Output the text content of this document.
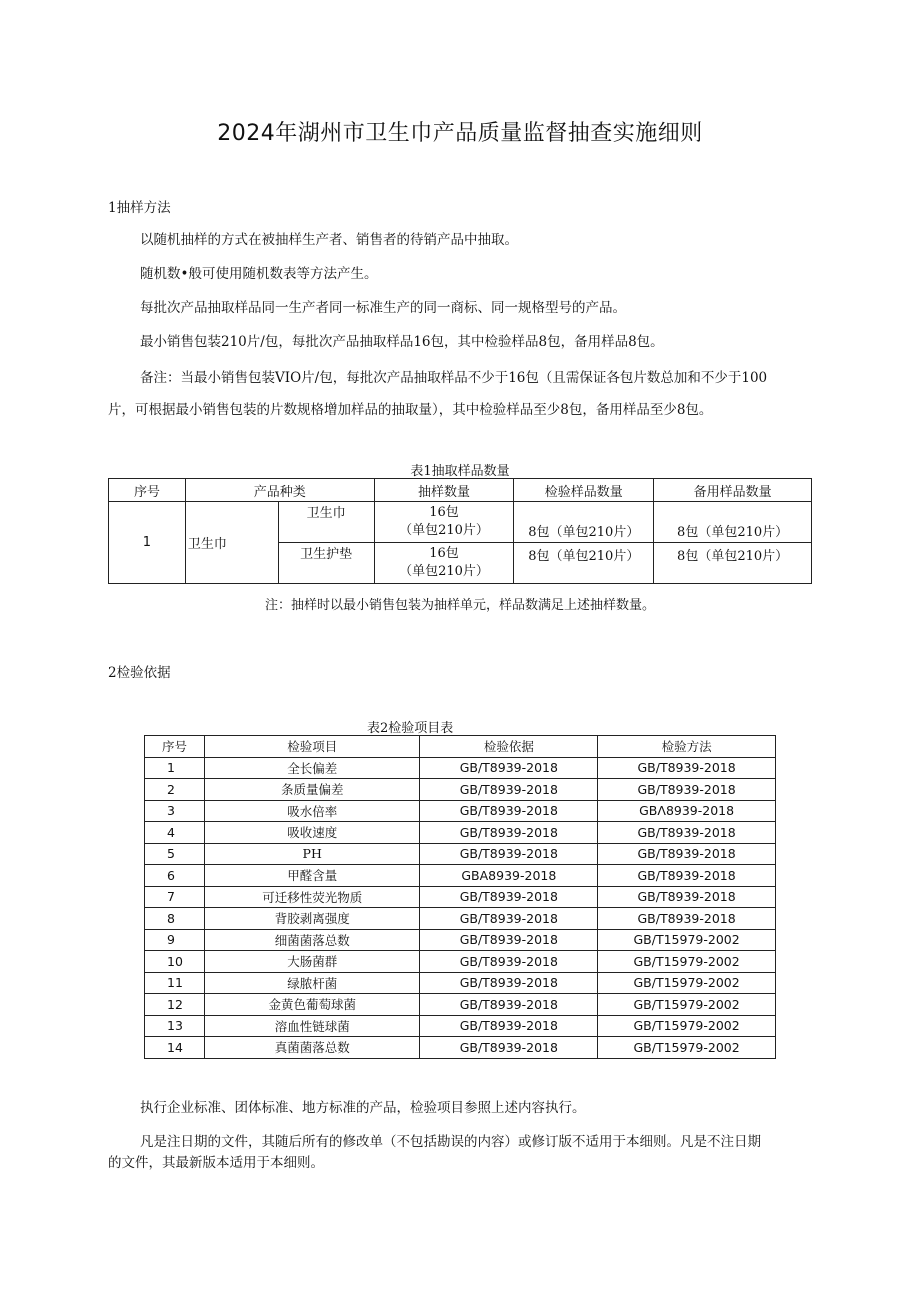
2024年湖州市卫生巾产品质量监督抽查实施细则
1抽样方法
以随机抽样的方式在被抽样生产者、销售者的待销产品中抽取。
随机数•般可使用随机数表等方法产生。
每批次产品抽取样品同一生产者同一标准生产的同一商标、同一规格型号的产品。
最小销售包装210片/包，每批次产品抽取样品16包，其中检验样品8包，备用样品8包。
备注：当最小销售包装VIO片/包，每批次产品抽取样品不少于16包（且需保证各包片数总加和不少于100
片，可根据最小销售包装的片数规格增加样品的抽取量），其中检验样品至少8包，备用样品至少8包。
表1抽取样品数量
序号	产品种类		抽样数量	检验样品数量	备用样品数量
1	卫生巾	卫生巾	16包
（单包210片）	8包（单包210片）	8包（单包210片）
		卫生护垫	16包
（单包210片）	8包（单包210片）	8包（单包210片）
注：抽样时以最小销售包装为抽样单元，样品数满足上述抽样数量。
2检验依据
表2检验项目表
序号	检验项目	检验依据	检验方法
1	全长偏差	GB/T8939-2018	GB/T8939-2018
2	条质量偏差	GB/T8939-2018	GB/T8939-2018
3	吸水倍率	GB/T8939-2018	GBΛ8939-2018
4	吸收速度	GB/T8939-2018	GB/T8939-2018
5	PH	GB/T8939-2018	GB/T8939-2018
6	甲醛含量	GBA8939-2018	GB/T8939-2018
7	可迁移性荧光物质	GB/T8939-2018	GB/T8939-2018
8	背胶剥离强度	GB/T8939-2018	GB/T8939-2018
9	细菌菌落总数	GB/T8939-2018	GB/T15979-2002
10	大肠菌群	GB/T8939-2018	GB/T15979-2002
11	绿脓杆菌	GB/T8939-2018	GB/T15979-2002
12	金黄色葡萄球菌	GB/T8939-2018	GB/T15979-2002
13	溶血性链球菌	GB/T8939-2018	GB/T15979-2002
14	真菌菌落总数	GB/T8939-2018	GB/T15979-2002
执行企业标准、团体标准、地方标准的产品，检验项目参照上述内容执行。
凡是注日期的文件，其随后所有的修改单（不包括勘误的内容）或修订版不适用于本细则。凡是不注日期
的文件，其最新版本适用于本细则。
